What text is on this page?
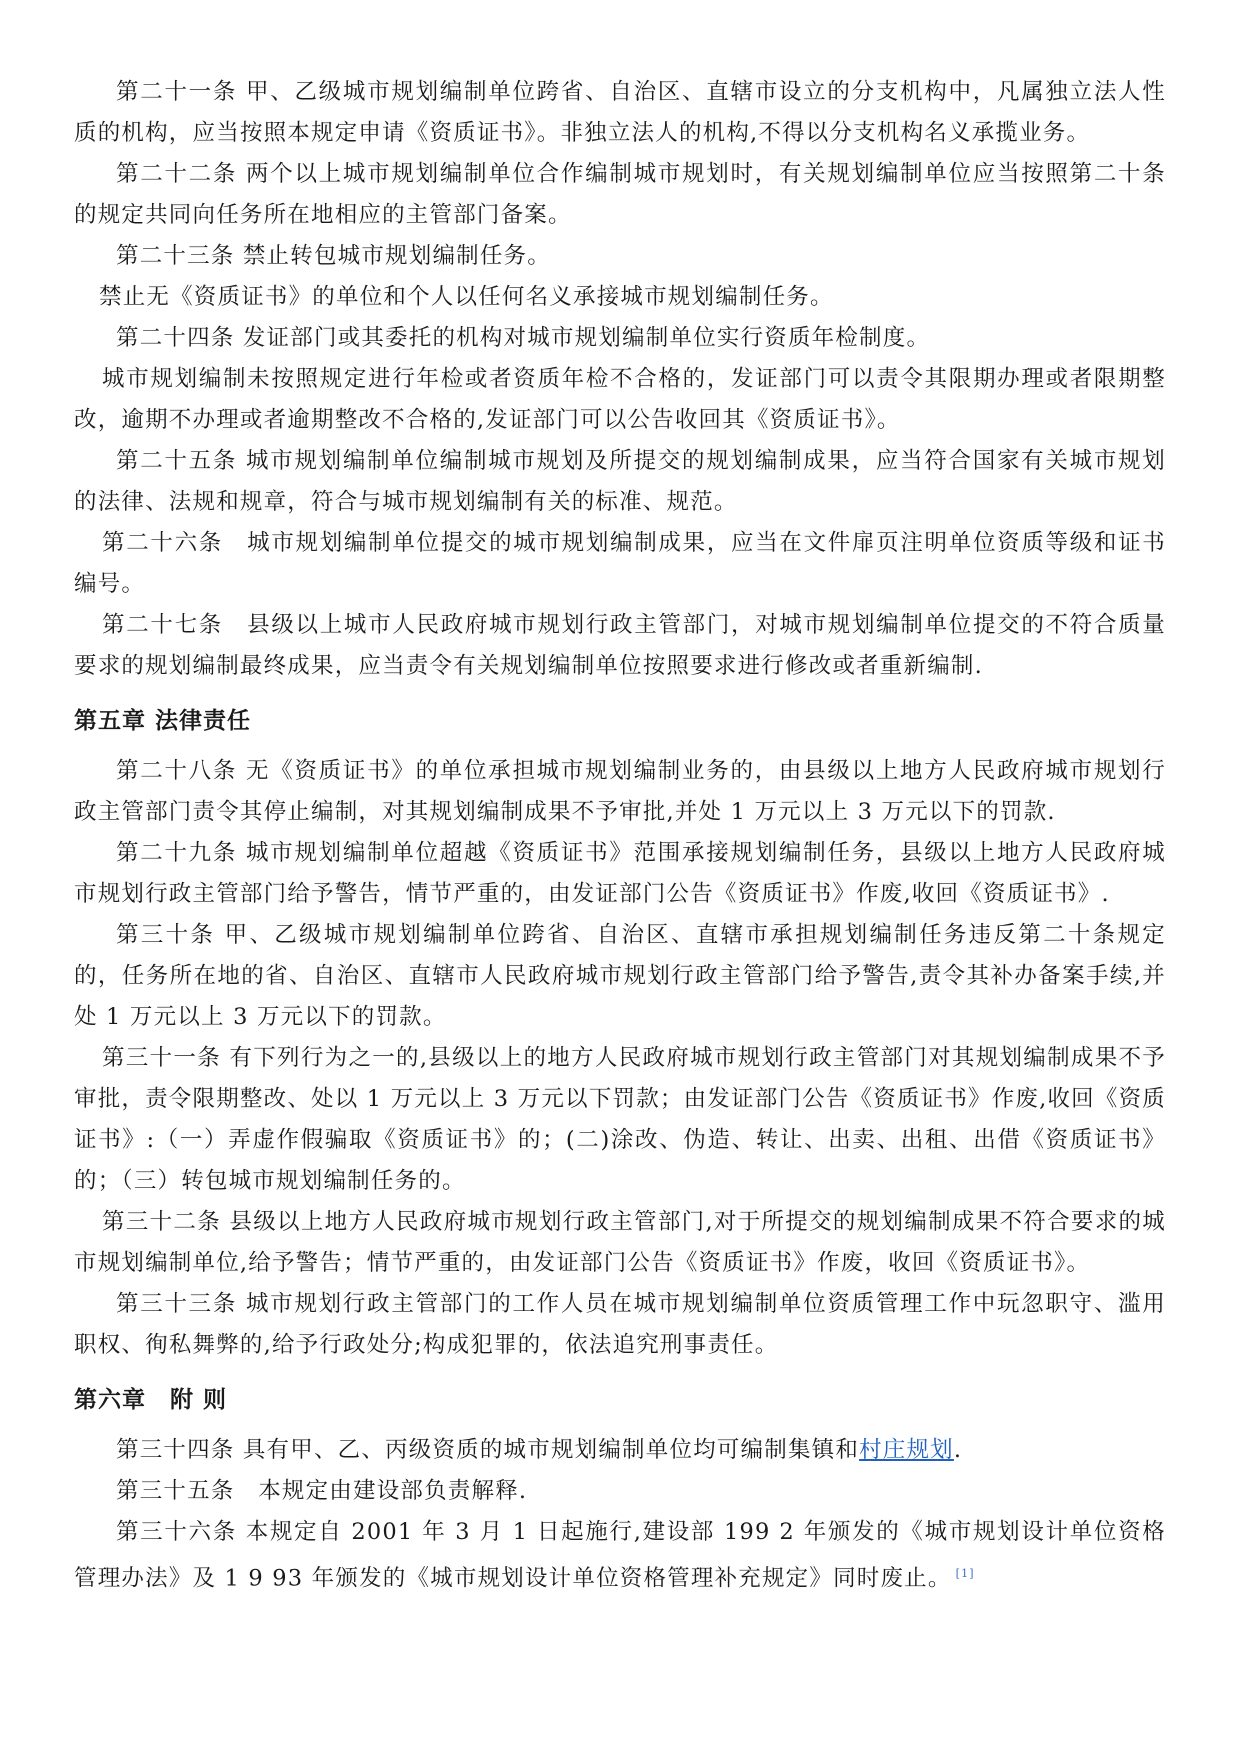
第二十一条 甲、乙级城市规划编制单位跨省、自治区、直辖市设立的分支机构中，凡属独立法人性质的机构，应当按照本规定申请《资质证书》。非独立法人的机构,不得以分支机构名义承揽业务。

第二十二条 两个以上城市规划编制单位合作编制城市规划时，有关规划编制单位应当按照第二十条的规定共同向任务所在地相应的主管部门备案。

第二十三条 禁止转包城市规划编制任务。

禁止无《资质证书》的单位和个人以任何名义承接城市规划编制任务。

第二十四条 发证部门或其委托的机构对城市规划编制单位实行资质年检制度。

城市规划编制未按照规定进行年检或者资质年检不合格的，发证部门可以责令其限期办理或者限期整改，逾期不办理或者逾期整改不合格的,发证部门可以公告收回其《资质证书》。

第二十五条 城市规划编制单位编制城市规划及所提交的规划编制成果，应当符合国家有关城市规划的法律、法规和规章，符合与城市规划编制有关的标准、规范。

第二十六条　城市规划编制单位提交的城市规划编制成果，应当在文件扉页注明单位资质等级和证书编号。

第二十七条　县级以上城市人民政府城市规划行政主管部门，对城市规划编制单位提交的不符合质量要求的规划编制最终成果，应当责令有关规划编制单位按照要求进行修改或者重新编制.

第五章 法律责任

第二十八条 无《资质证书》的单位承担城市规划编制业务的，由县级以上地方人民政府城市规划行政主管部门责令其停止编制，对其规划编制成果不予审批,并处 1 万元以上 3 万元以下的罚款.

第二十九条 城市规划编制单位超越《资质证书》范围承接规划编制任务，县级以上地方人民政府城市规划行政主管部门给予警告，情节严重的，由发证部门公告《资质证书》作废,收回《资质证书》.

第三十条 甲、乙级城市规划编制单位跨省、自治区、直辖市承担规划编制任务违反第二十条规定的，任务所在地的省、自治区、直辖市人民政府城市规划行政主管部门给予警告,责令其补办备案手续,并处 1 万元以上 3 万元以下的罚款。

第三十一条 有下列行为之一的,县级以上的地方人民政府城市规划行政主管部门对其规划编制成果不予审批，责令限期整改、处以 1 万元以上 3 万元以下罚款；由发证部门公告《资质证书》作废,收回《资质证书》:（一）弄虚作假骗取《资质证书》的；(二)涂改、伪造、转让、出卖、出租、出借《资质证书》的；（三）转包城市规划编制任务的。

第三十二条 县级以上地方人民政府城市规划行政主管部门,对于所提交的规划编制成果不符合要求的城市规划编制单位,给予警告；情节严重的，由发证部门公告《资质证书》作废，收回《资质证书》。

第三十三条 城市规划行政主管部门的工作人员在城市规划编制单位资质管理工作中玩忽职守、滥用职权、徇私舞弊的,给予行政处分;构成犯罪的，依法追究刑事责任。

第六章　附 则

第三十四条 具有甲、乙、丙级资质的城市规划编制单位均可编制集镇和村庄规划.

第三十五条　本规定由建设部负责解释.

第三十六条 本规定自 2001 年 3 月 1 日起施行,建设部 199 2 年颁发的《城市规划设计单位资格管理办法》及 1 9 93 年颁发的《城市规划设计单位资格管理补充规定》同时废止。 [1]
